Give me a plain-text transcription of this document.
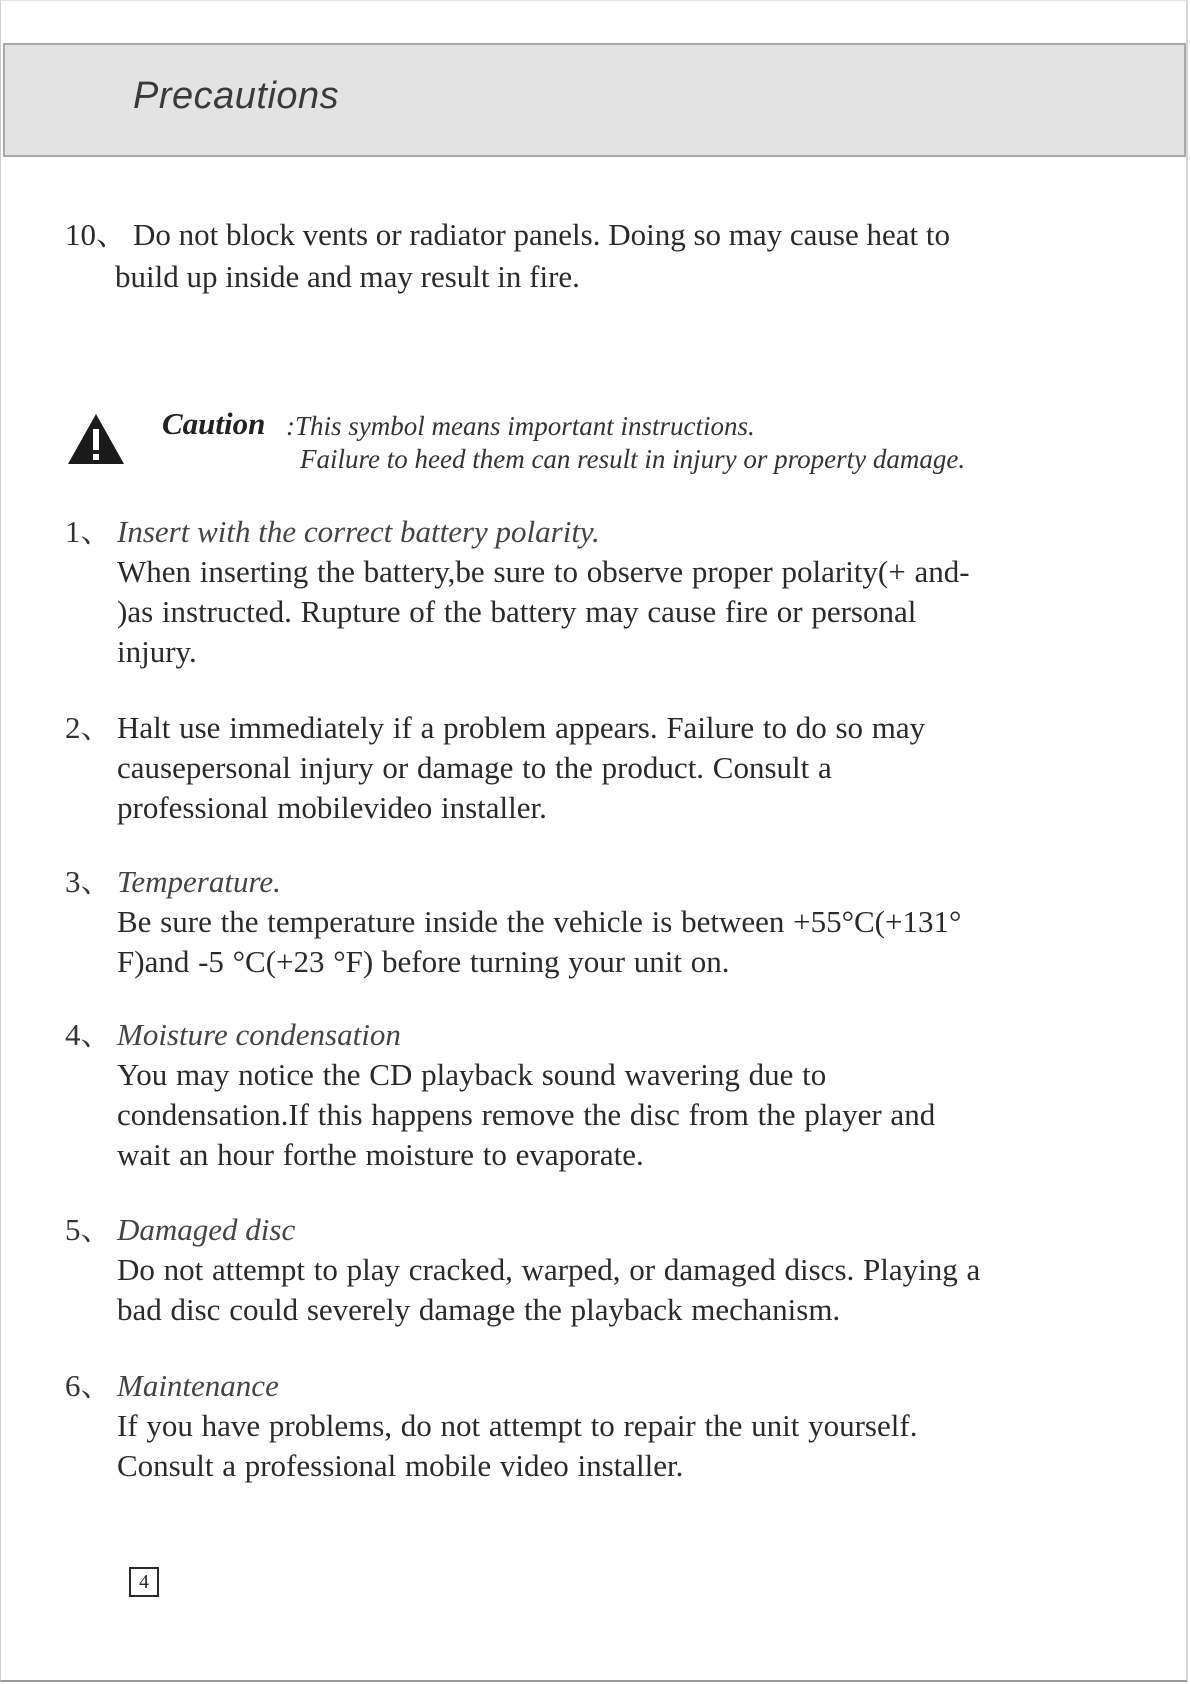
Precautions
10、 Do not block vents or radiator panels. Doing so may cause heat to
build up inside and may result in fire.
Caution :This symbol means important instructions.
Failure to heed them can result in injury or property damage.
1、 Insert with the correct battery polarity.
When inserting the battery,be sure to observe proper polarity(+ and-
)as instructed. Rupture of the battery may cause fire or personal
injury.
2、 Halt use immediately if a problem appears. Failure to do so may
causepersonal injury or damage to the product. Consult a
professional mobilevideo installer.
3、 Temperature.
Be sure the temperature inside the vehicle is between +55°C(+131°
F)and -5 °C(+23 °F) before turning your unit on.
4、 Moisture condensation
You may notice the CD playback sound wavering due to
condensation.If this happens remove the disc from the player and
wait an hour forthe moisture to evaporate.
5、 Damaged disc
Do not attempt to play cracked, warped, or damaged discs. Playing a
bad disc could severely damage the playback mechanism.
6、 Maintenance
If you have problems, do not attempt to repair the unit yourself.
Consult a professional mobile video installer.
4
